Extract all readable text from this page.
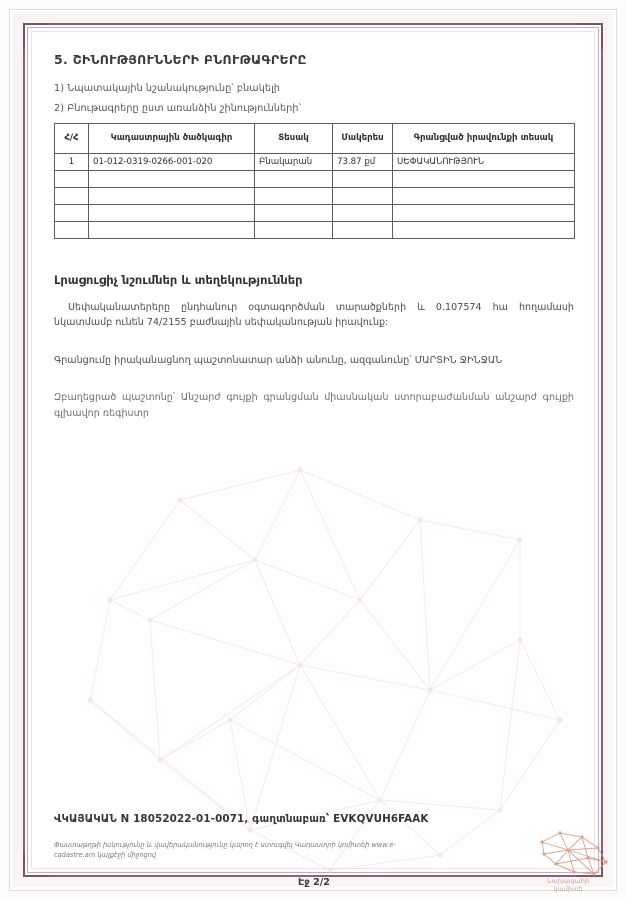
5. ՇԻՆՈՒԹՅՈՒՆՆԵՐԻ ԲՆՈՒԹԱԳՐԵՐԸ

1) Նպատակային նշանակությունը՝ բնակելի

2) Բնութագրերը ըստ առանձին շինությունների՝

Հ/Հ	Կադաստրային ծածկագիր	Տեսակ	Մակերես	Գրանցված իրավունքի տեսակ
1	01-012-0319-0266-001-020	Բնակարան	73.87 քմ	ՍԵՓԱԿԱՆՈՒԹՅՈՒՆ

Լրացուցիչ նշումներ և տեղեկություններ

Սեփականատերերը ընդհանուր օգտագործման տարածքների և 0.107574 հա հողամասի նկատմամբ ունեն 74/2155 բաժնային սեփականության իրավունք:

Գրանցումը իրականացնող պաշտոնատար անձի անունը, ազգանունը՝ ՄԱՐՏԻՆ ՋԻՆՋԱՆ

Զբաղեցրած պաշտոնը՝ Անշարժ գույքի գրանցման միասնական ստորաբաժանման անշարժ գույքի գլխավոր ռեգիստր

ՎԿԱՅԱԿԱՆ N 18052022-01-0071, գաղտնաբառ՝ EVKQVUH6FAAK
Փաստաթղթի իսկությունը և վավերականությունը կարող է ստուգվել Կադաստրի կոմիտեի www.e-cadastre.am կայքէջի միջոցով
Էջ 2/2	Նախագահի
կամիտե
